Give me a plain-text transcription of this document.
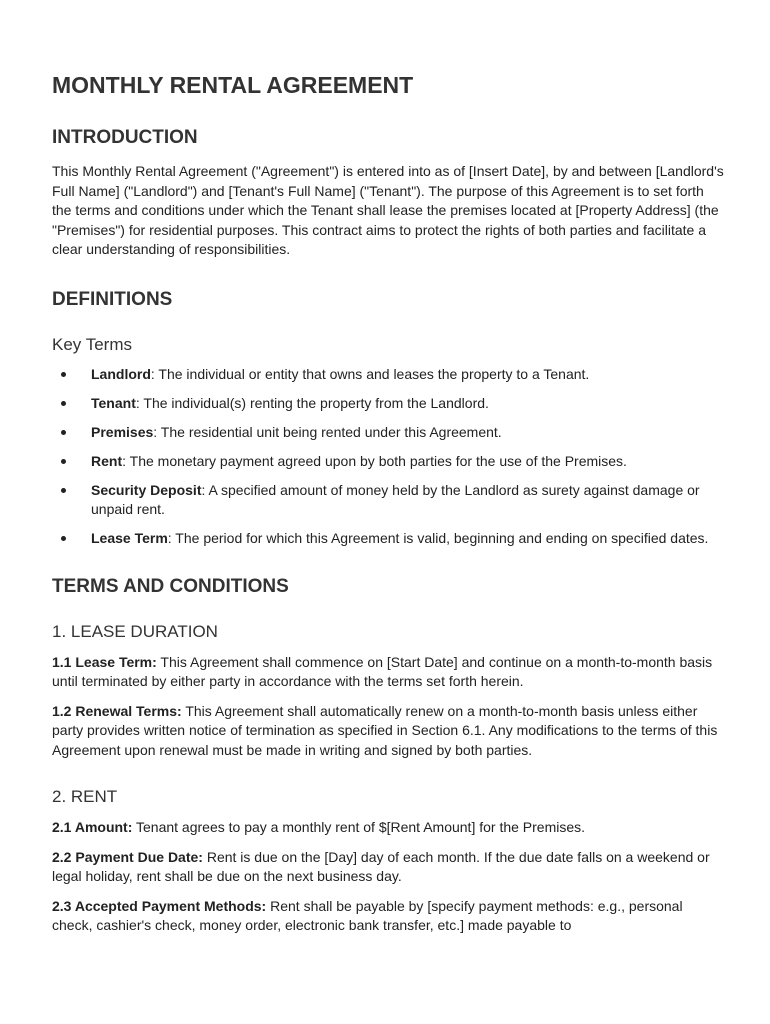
MONTHLY RENTAL AGREEMENT
INTRODUCTION

This Monthly Rental Agreement ("Agreement") is entered into as of [Insert Date], by and between [Landlord's Full Name] ("Landlord") and [Tenant's Full Name] ("Tenant"). The purpose of this Agreement is to set forth the terms and conditions under which the Tenant shall lease the premises located at [Property Address] (the "Premises") for residential purposes. This contract aims to protect the rights of both parties and facilitate a clear understanding of responsibilities.

DEFINITIONS
Key Terms
Landlord: The individual or entity that owns and leases the property to a Tenant.
Tenant: The individual(s) renting the property from the Landlord.
Premises: The residential unit being rented under this Agreement.
Rent: The monetary payment agreed upon by both parties for the use of the Premises.
Security Deposit: A specified amount of money held by the Landlord as surety against damage or unpaid rent.
Lease Term: The period for which this Agreement is valid, beginning and ending on specified dates.
TERMS AND CONDITIONS
1. LEASE DURATION

1.1 Lease Term: This Agreement shall commence on [Start Date] and continue on a month-to-month basis until terminated by either party in accordance with the terms set forth herein.

1.2 Renewal Terms: This Agreement shall automatically renew on a month-to-month basis unless either party provides written notice of termination as specified in Section 6.1. Any modifications to the terms of this Agreement upon renewal must be made in writing and signed by both parties.

2. RENT

2.1 Amount: Tenant agrees to pay a monthly rent of $[Rent Amount] for the Premises.

2.2 Payment Due Date: Rent is due on the [Day] day of each month. If the due date falls on a weekend or legal holiday, rent shall be due on the next business day.

2.3 Accepted Payment Methods: Rent shall be payable by [specify payment methods: e.g., personal check, cashier's check, money order, electronic bank transfer, etc.] made payable to
